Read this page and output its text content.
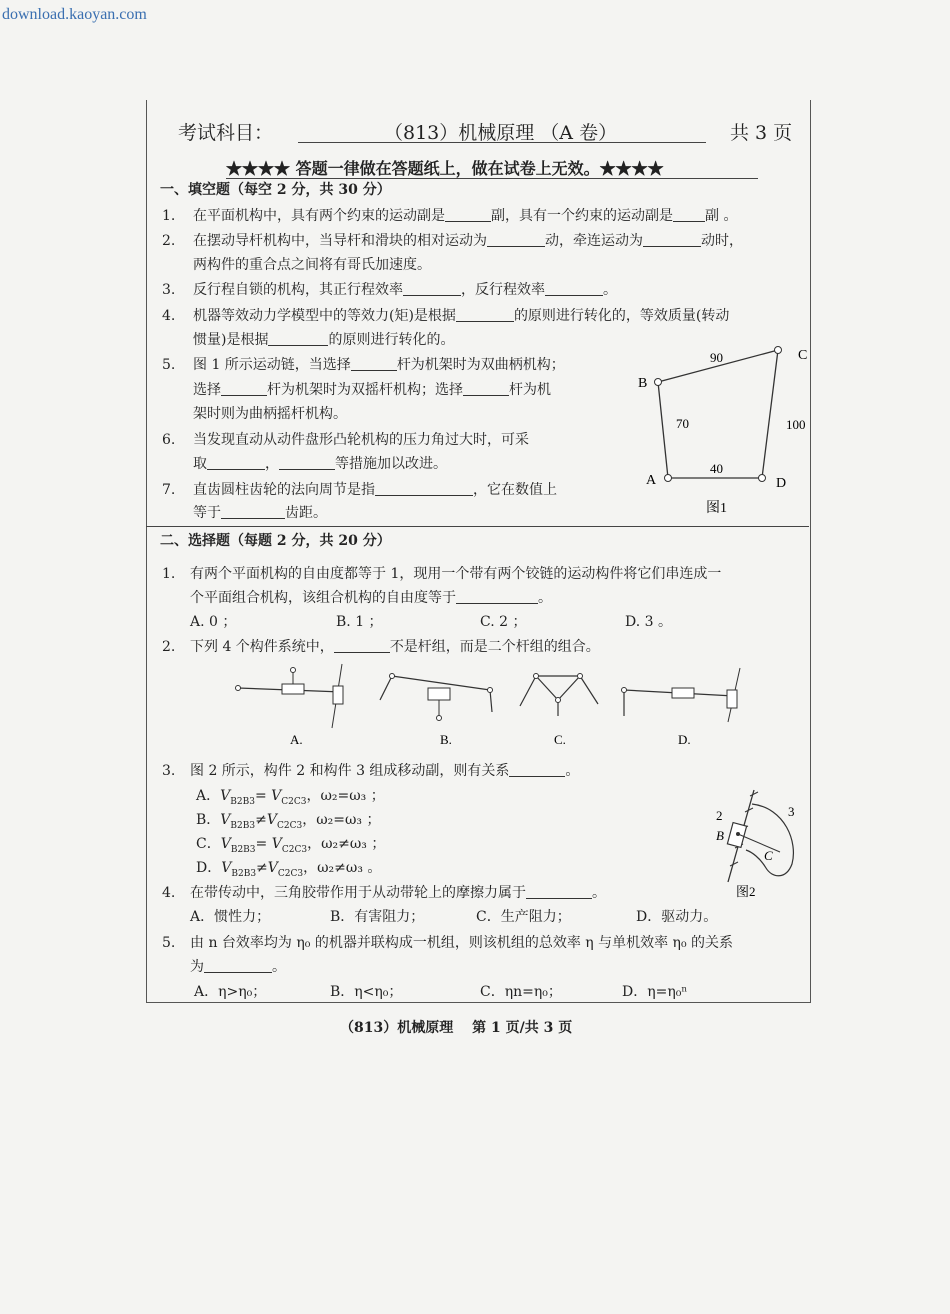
download.kaoyan.com
考试科目：	（813）机械原理 （A 卷）	共 3 页
★★★★ 答题一律做在答题纸上，做在试卷上无效。★★★★
一、填空题（每空 2 分，共 30 分）
1. 在平面机构中，具有两个约束的运动副是	副，具有一个约束的运动副是 副 。
2. 在摆动导杆机构中，当导杆和滑块的相对运动为	动，牵连运动为	动时，
两构件的重合点之间将有哥氏加速度。
3. 反行程自锁的机构，其正行程效率	，反行程效率	。
4. 机器等效动力学模型中的等效力(矩)是根据	的原则进行转化的，等效质量(转动
惯量)是根据	的原则进行转化的。
5. 图 1 所示运动链，当选择	杆为机架时为双曲柄机构；
选择	杆为机架时为双摇杆机构；选择	杆为机
架时则为曲柄摇杆机构。
6. 当发现直动从动件盘形凸轮机构的压力角过大时，可采
取	，	等措施加以改进。
7. 直齿圆柱齿轮的法向周节是指	，它在数值上
等于	齿距。
90
70	100
40
B
C
A	D
图1
二、选择题（每题 2 分，共 20 分）
1. 有两个平面机构的自由度都等于 1，现用一个带有两个铰链的运动构件将它们串连成一
个平面组合机构，该组合机构的自由度等于	。
A. 0 ；	B. 1 ；	C. 2 ；	D. 3 。
2. 下列 4 个构件系统中，	不是杆组，而是二个杆组的组合。
A.	B.	C.	D.
3. 图 2 所示，构件 2 和构件 3 组成移动副，则有关系	。
A．$V_{B2B3}= V_{C2C3}$，ω₂=ω₃ ；
B．$V_{B2B3}\ne V_{C2C3}$，ω₂=ω₃ ；
C．$V_{B2B3}= V_{C2C3}$，ω₂≠ω₃ ；
D．$V_{B2B3}\ne V_{C2C3}$，ω₂≠ω₃ 。
2	3
B
C
图2
4. 在带传动中，三角胶带作用于从动带轮上的摩擦力属于	。
A．惯性力；	B．有害阻力；	C．生产阻力；	D．驱动力。
5. 由 n 台效率均为 η₀ 的机器并联构成一机组，则该机组的总效率 η 与单机效率 η₀ 的关系
为	。
A．η>η₀；	B．η<η₀；	C．ηn=η₀；	D．η=η₀ⁿ
（813）机械原理　 第 1 页/共 3 页
